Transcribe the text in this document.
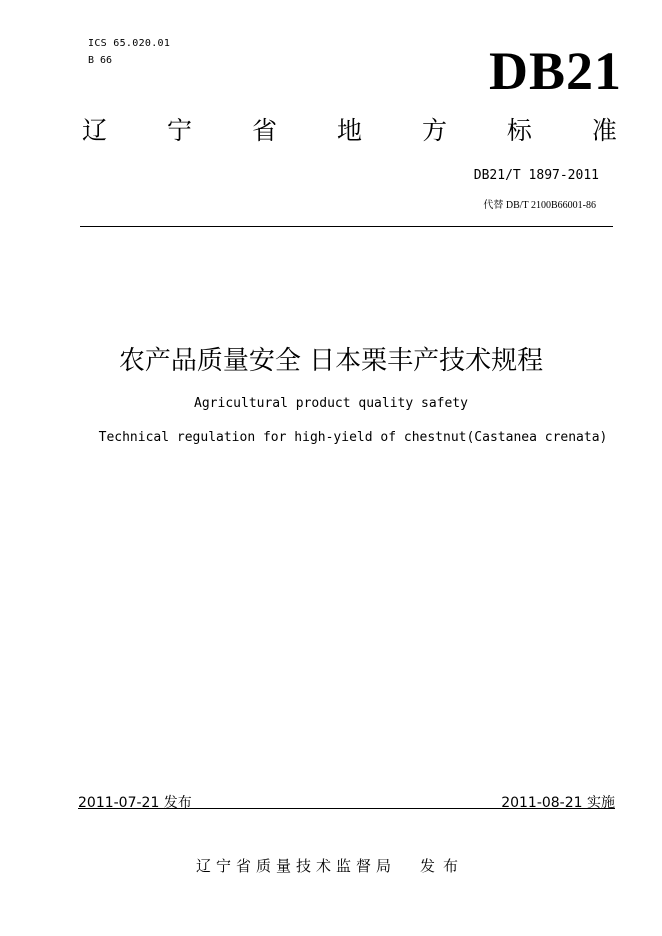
ICS 65.020.01
B 66	DB21
辽 宁 省 地 方 标 准
DB21/T 1897-2011
代替 DB/T 2100B66001-86
农产品质量安全 日本栗丰产技术规程
Agricultural product quality safety
Technical regulation for high-yield of chestnut(Castanea crenata)
2011-07-21 发布	2011-08-21 实施
辽宁省质量技术监督局 发布
